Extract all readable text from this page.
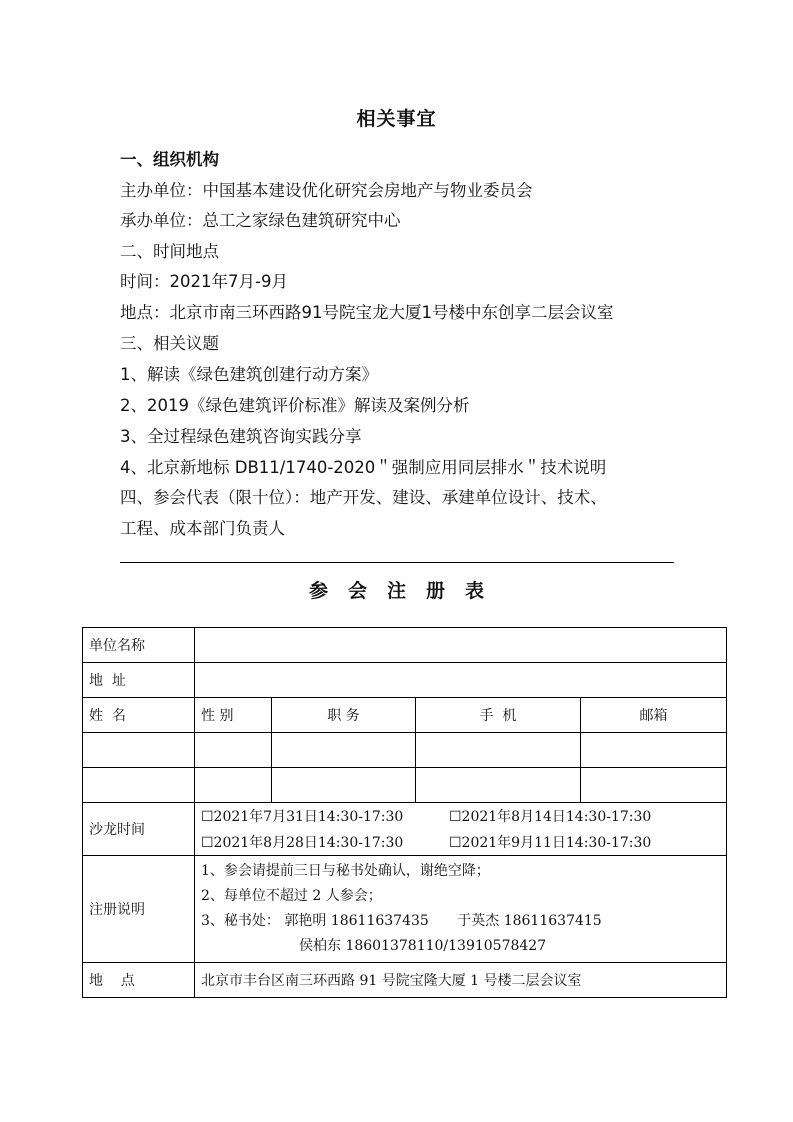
相关事宜
一、组织机构
主办单位：中国基本建设优化研究会房地产与物业委员会
承办单位：总工之家绿色建筑研究中心
二、时间地点
时间：2021年7月-9月
地点：北京市南三环西路91号院宝龙大厦1号楼中东创享二层会议室
三、相关议题
1、解读《绿色建筑创建行动方案》
2、2019《绿色建筑评价标准》解读及案例分析
3、全过程绿色建筑咨询实践分享
4、北京新地标 DB11/1740-2020＂强制应用同层排水＂技术说明
四、参会代表（限十位）：地产开发、建设、承建单位设计、技术、
工程、成本部门负责人
参会注册表
单位名称				
地  址				
姓  名	性 别	职 务	手  机	邮箱

沙龙时间	☐2021年7月31日14:30-17:30 ☐2021年8月14日14:30-17:30
☐2021年8月28日14:30-17:30 ☐2021年9月11日14:30-17:30			

注册说明	1、参会请提前三日与秘书处确认，谢绝空降；
2、每单位不超过 2 人参会；
3、秘书处： 郭艳明 18611637435 于英杰 18611637415
侯柏东 18601378110/13910578427			

地    点	北京市丰台区南三环西路 91 号院宝隆大厦 1 号楼二层会议室			
